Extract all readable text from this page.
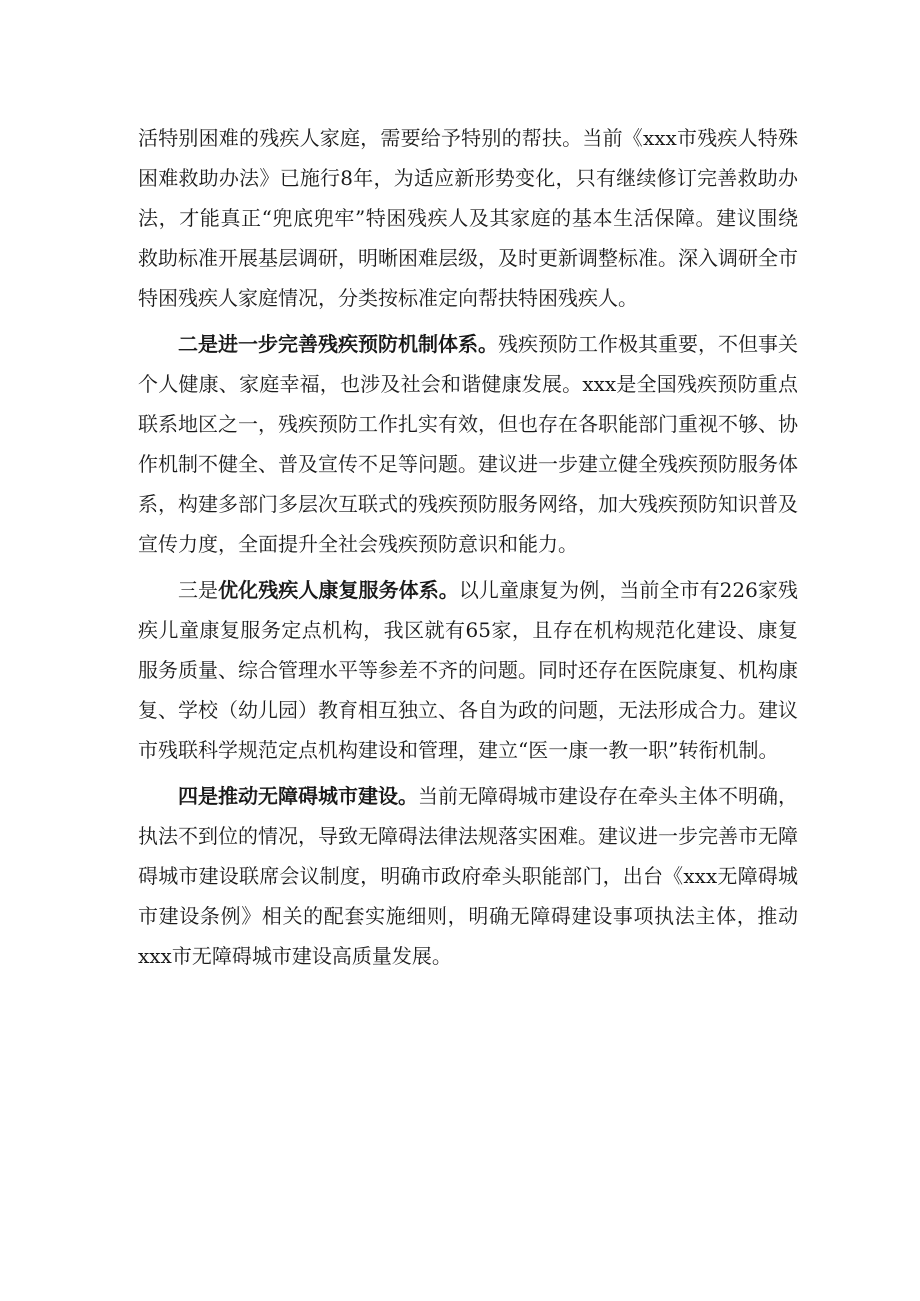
活特别困难的残疾人家庭，需要给予特别的帮扶。当前《xxx市残疾人特殊困难救助办法》已施行8年，为适应新形势变化，只有继续修订完善救助办法，才能真正“兜底兜牢”特困残疾人及其家庭的基本生活保障。建议围绕救助标准开展基层调研，明晰困难层级，及时更新调整标准。深入调研全市特困残疾人家庭情况，分类按标准定向帮扶特困残疾人。

二是进一步完善残疾预防机制体系。残疾预防工作极其重要，不但事关个人健康、家庭幸福，也涉及社会和谐健康发展。xxx是全国残疾预防重点联系地区之一，残疾预防工作扎实有效，但也存在各职能部门重视不够、协作机制不健全、普及宣传不足等问题。建议进一步建立健全残疾预防服务体系，构建多部门多层次互联式的残疾预防服务网络，加大残疾预防知识普及宣传力度，全面提升全社会残疾预防意识和能力。

三是优化残疾人康复服务体系。以儿童康复为例，当前全市有226家残疾儿童康复服务定点机构，我区就有65家，且存在机构规范化建设、康复服务质量、综合管理水平等参差不齐的问题。同时还存在医院康复、机构康复、学校（幼儿园）教育相互独立、各自为政的问题，无法形成合力。建议市残联科学规范定点机构建设和管理，建立“医一康一教一职”转衔机制。

四是推动无障碍城市建设。当前无障碍城市建设存在牵头主体不明确，执法不到位的情况，导致无障碍法律法规落实困难。建议进一步完善市无障碍城市建设联席会议制度，明确市政府牵头职能部门，出台《xxx无障碍城市建设条例》相关的配套实施细则，明确无障碍建设事项执法主体，推动xxx市无障碍城市建设高质量发展。
